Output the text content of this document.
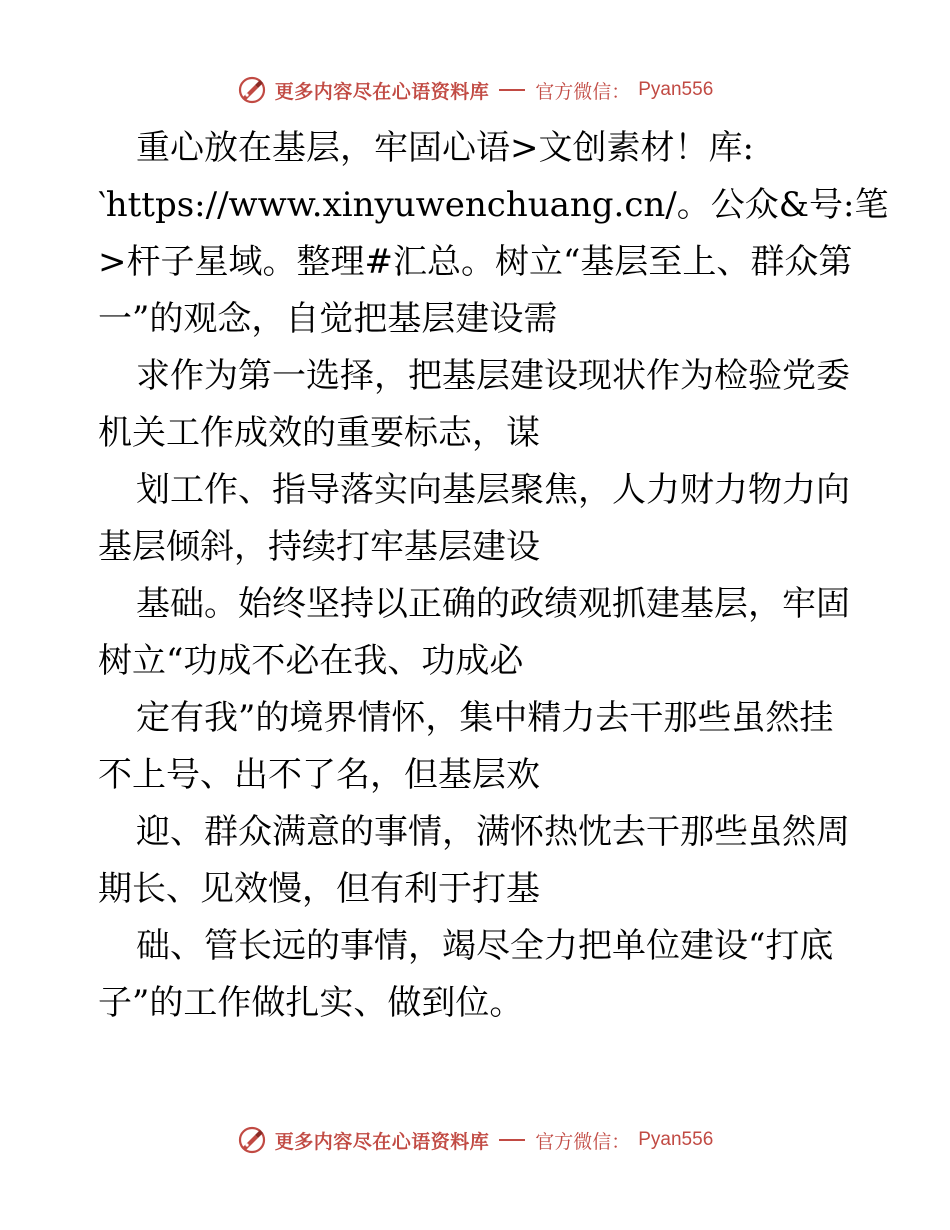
更多内容尽在心语资料库 官方微信： Pyan556
重心放在基层，牢固心语>文创素材！库:
‵https://www.xinyuwenchuang.cn/。公众&号:笔
>杆子星域。整理#汇总。树立“基层至上、群众第
一”的观念，自觉把基层建设需
求作为第一选择，把基层建设现状作为检验党委
机关工作成效的重要标志，谋
划工作、指导落实向基层聚焦，人力财力物力向
基层倾斜，持续打牢基层建设
基础。始终坚持以正确的政绩观抓建基层，牢固
树立“功成不必在我、功成必
定有我”的境界情怀，集中精力去干那些虽然挂
不上号、出不了名，但基层欢
迎、群众满意的事情，满怀热忱去干那些虽然周
期长、见效慢，但有利于打基
础、管长远的事情，竭尽全力把单位建设“打底
子”的工作做扎实、做到位。
更多内容尽在心语资料库 官方微信： Pyan556
